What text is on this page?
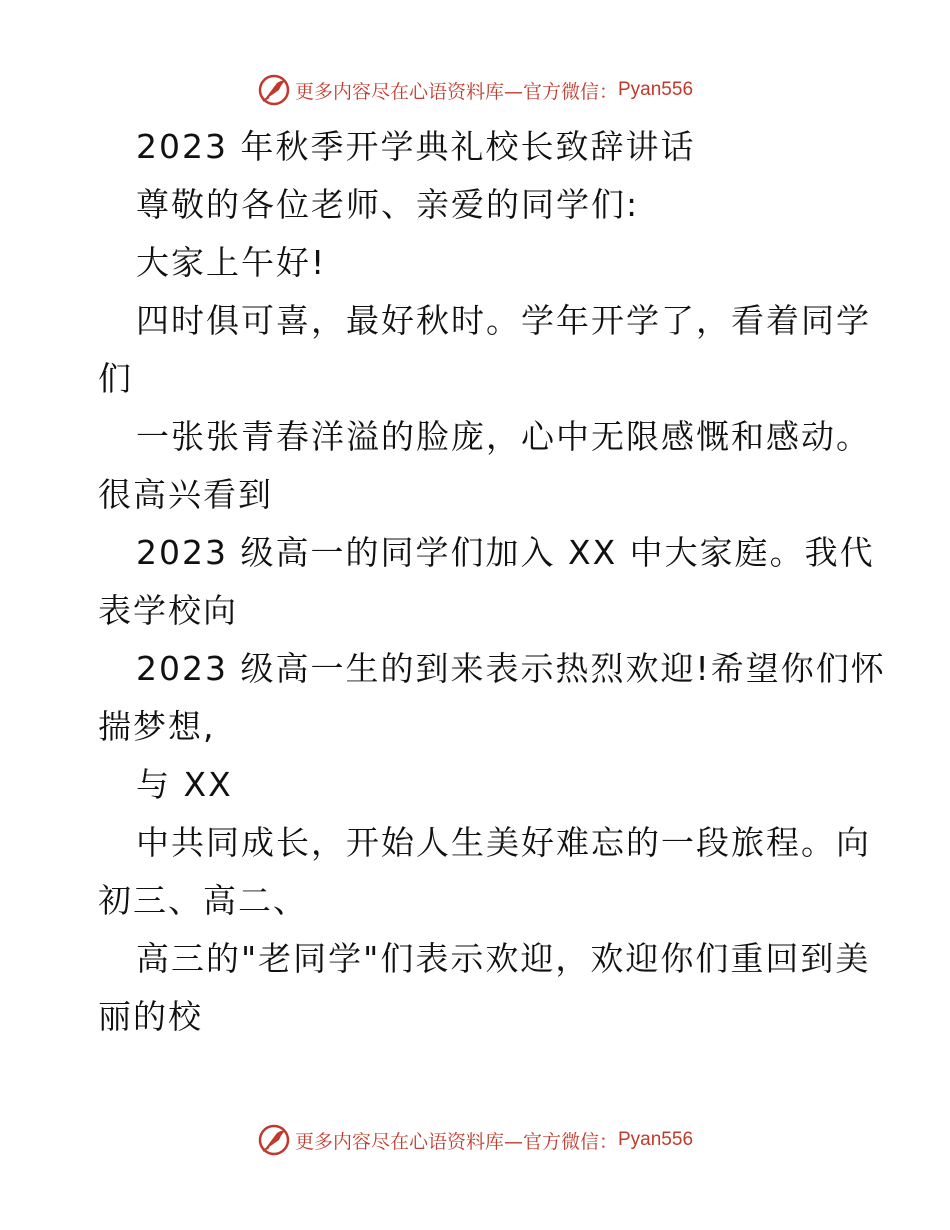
更多内容尽在心语资料库—官方微信： Pyan556
2023 年秋季开学典礼校长致辞讲话
尊敬的各位老师、亲爱的同学们:
大家上午好!
四时俱可喜，最好秋时。学年开学了，看着同学
们
一张张青春洋溢的脸庞，心中无限感慨和感动。
很高兴看到
2023 级高一的同学们加入 XX 中大家庭。我代
表学校向
2023 级高一生的到来表示热烈欢迎!希望你们怀
揣梦想,
与 XX
中共同成长，开始人生美好难忘的一段旅程。向
初三、高二、
高三的"老同学"们表示欢迎，欢迎你们重回到美
丽的校
更多内容尽在心语资料库—官方微信： Pyan556
